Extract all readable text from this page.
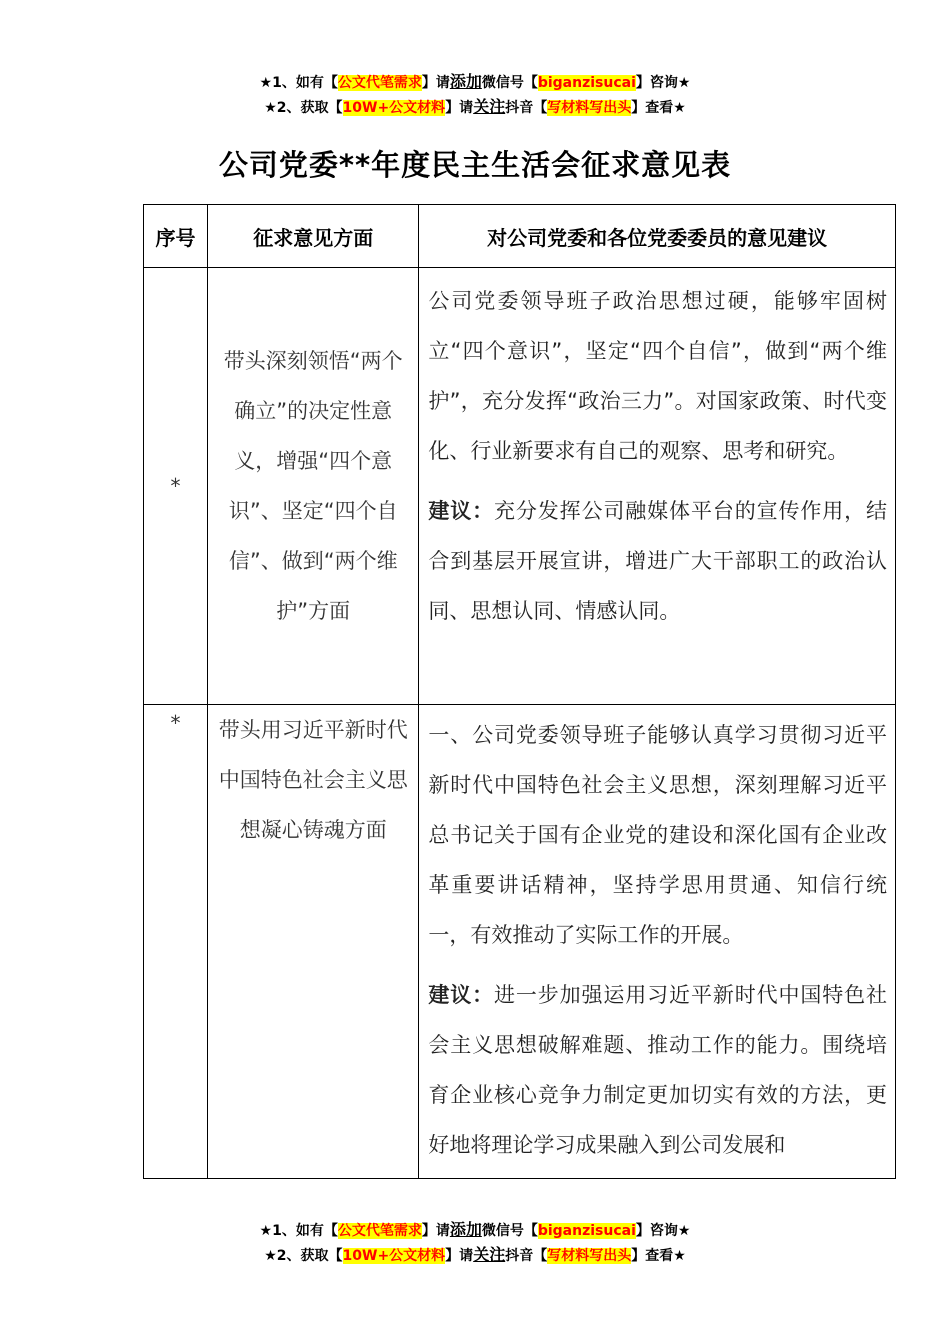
★1、如有【公文代笔需求】请添加微信号【biganzisucai】咨询★
★2、获取【10W+公文材料】请关注抖音【写材料写出头】查看★
公司党委**年度民主生活会征求意见表
序号	征求意见方面	对公司党委和各位党委委员的意见建议
*	带头深刻领悟“两个确立”的决定性意义，增强“四个意识”、坚定“四个自信”、做到“两个维护”方面	公司党委领导班子政治思想过硬，能够牢固树立“四个意识”，坚定“四个自信”，做到“两个维护”，充分发挥“政治三力”。对国家政策、时代变化、行业新要求有自己的观察、思考和研究。

建议：充分发挥公司融媒体平台的宣传作用，结合到基层开展宣讲，增进广大干部职工的政治认同、思想认同、情感认同。

*	带头用习近平新时代中国特色社会主义思想凝心铸魂方面	一、公司党委领导班子能够认真学习贯彻习近平新时代中国特色社会主义思想，深刻理解习近平总书记关于国有企业党的建设和深化国有企业改革重要讲话精神，坚持学思用贯通、知信行统一，有效推动了实际工作的开展。

建议：进一步加强运用习近平新时代中国特色社会主义思想破解难题、推动工作的能力。围绕培育企业核心竞争力制定更加切实有效的方法，更好地将理论学习成果融入到公司发展和

★1、如有【公文代笔需求】请添加微信号【biganzisucai】咨询★
★2、获取【10W+公文材料】请关注抖音【写材料写出头】查看★
